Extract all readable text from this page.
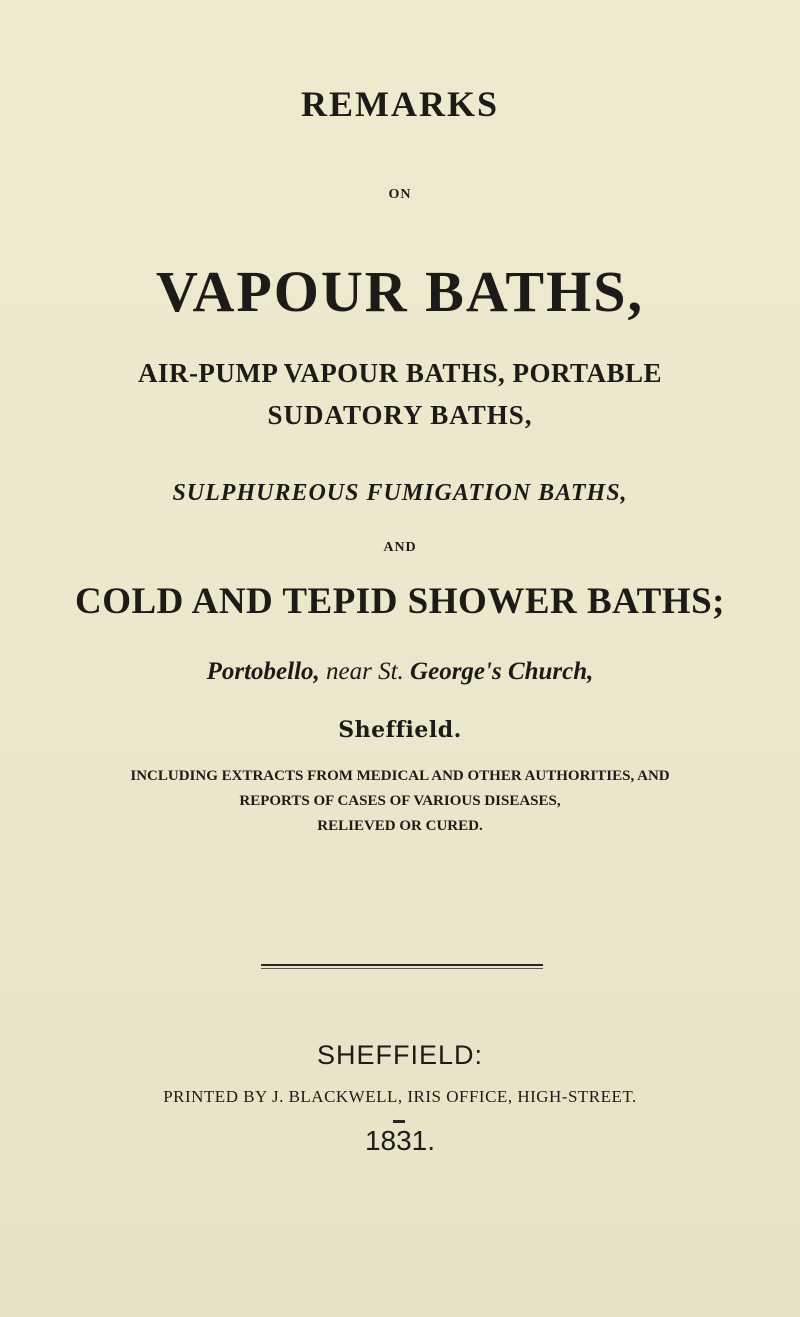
REMARKS
ON
VAPOUR BATHS,
AIR-PUMP VAPOUR BATHS, PORTABLE
SUDATORY BATHS,
SULPHUREOUS FUMIGATION BATHS,
AND
COLD AND TEPID SHOWER BATHS;
Portobello, near St. George's Church,
Sheffield.
INCLUDING EXTRACTS FROM MEDICAL AND OTHER AUTHORITIES, AND
REPORTS OF CASES OF VARIOUS DISEASES,
RELIEVED OR CURED.
SHEFFIELD:
PRINTED BY J. BLACKWELL, IRIS OFFICE, HIGH-STREET.
1831.
